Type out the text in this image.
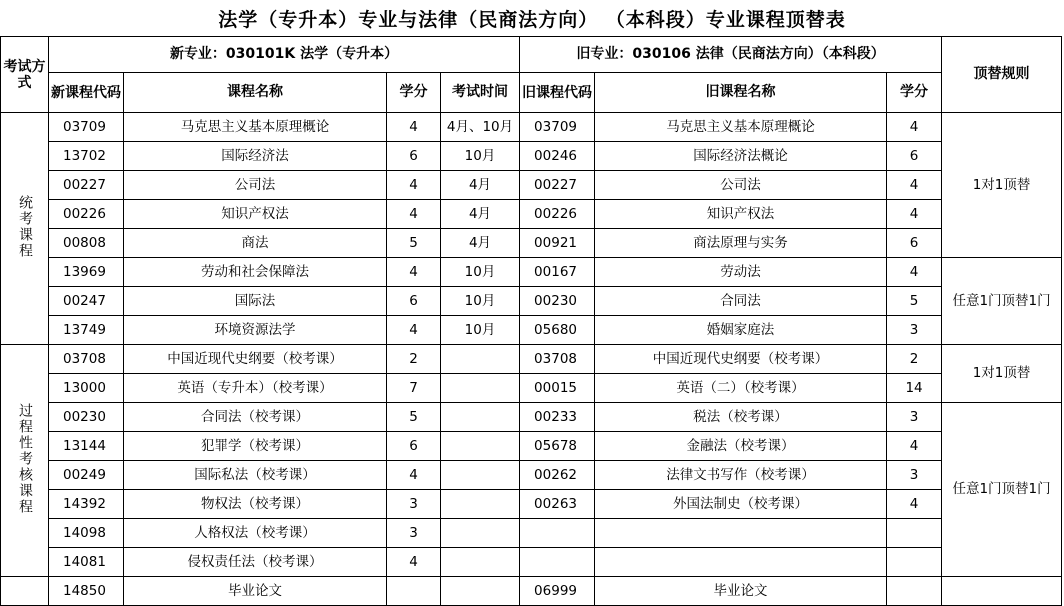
法学（专升本）专业与法律（民商法方向） （本科段）专业课程顶替表
考试方式	新专业：030101K 法学（专升本）				旧专业：030106 法律（民商法方向）（本科段）			顶替规则
	新课程代码	课程名称	学分	考试时间	旧课程代码	旧课程名称	学分	
统考课程	03709	马克思主义基本原理概论	4	4月、10月	03709	马克思主义基本原理概论	4	1对1顶替
	13702	国际经济法	6	10月	00246	国际经济法概论	6	
	00227	公司法	4	4月	00227	公司法	4	
	00226	知识产权法	4	4月	00226	知识产权法	4	
	00808	商法	5	4月	00921	商法原理与实务	6	
	13969	劳动和社会保障法	4	10月	00167	劳动法	4	任意1门顶替1门
	00247	国际法	6	10月	00230	合同法	5	
	13749	环境资源法学	4	10月	05680	婚姻家庭法	3	
过程性考核课程	03708	中国近现代史纲要（校考课）	2		03708	中国近现代史纲要（校考课）	2	1对1顶替
	13000	英语（专升本）（校考课）	7		00015	英语（二）（校考课）	14	
	00230	合同法（校考课）	5		00233	税法（校考课）	3	任意1门顶替1门
	13144	犯罪学（校考课）	6		05678	金融法（校考课）	4	
	00249	国际私法（校考课）	4		00262	法律文书写作（校考课）	3	
	14392	物权法（校考课）	3		00263	外国法制史（校考课）	4	
	14098	人格权法（校考课）	3					
	14081	侵权责任法（校考课）	4					
	14850	毕业论文			06999	毕业论文		
